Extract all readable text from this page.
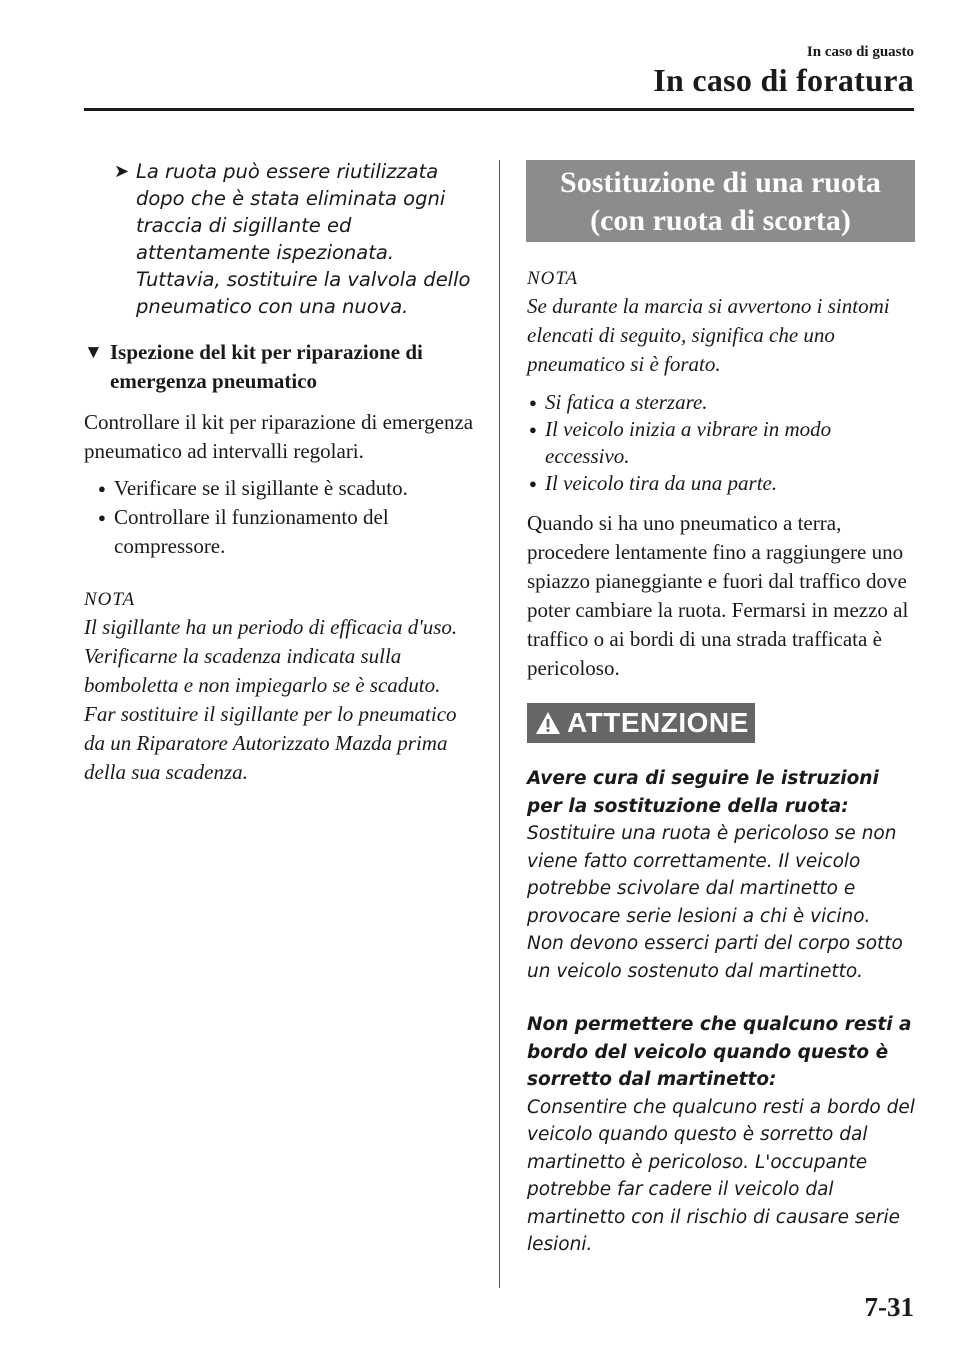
In caso di guasto
In caso di foratura
➤ La ruota può essere riutilizzata dopo che è stata eliminata ogni traccia di sigillante ed attentamente ispezionata. Tuttavia, sostituire la valvola dello pneumatico con una nuova.
▼ Ispezione del kit per riparazione di emergenza pneumatico
Controllare il kit per riparazione di emergenza pneumatico ad intervalli regolari.
● Verificare se il sigillante è scaduto.
● Controllare il funzionamento del compressore.
NOTA
Il sigillante ha un periodo di efficacia d'uso. Verificarne la scadenza indicata sulla bomboletta e non impiegarlo se è scaduto. Far sostituire il sigillante per lo pneumatico da un Riparatore Autorizzato Mazda prima della sua scadenza.
Sostituzione di una ruota
(con ruota di scorta)
NOTA
Se durante la marcia si avvertono i sintomi elencati di seguito, significa che uno pneumatico si è forato.
● Si fatica a sterzare.
● Il veicolo inizia a vibrare in modo eccessivo.
● Il veicolo tira da una parte.
Quando si ha uno pneumatico a terra, procedere lentamente fino a raggiungere uno spiazzo pianeggiante e fuori dal traffico dove poter cambiare la ruota. Fermarsi in mezzo al traffico o ai bordi di una strada trafficata è pericoloso.
ATTENZIONE
Avere cura di seguire le istruzioni per la sostituzione della ruota:
Sostituire una ruota è pericoloso se non viene fatto correttamente. Il veicolo potrebbe scivolare dal martinetto e provocare serie lesioni a chi è vicino.
Non devono esserci parti del corpo sotto un veicolo sostenuto dal martinetto.
Non permettere che qualcuno resti a bordo del veicolo quando questo è sorretto dal martinetto:
Consentire che qualcuno resti a bordo del veicolo quando questo è sorretto dal martinetto è pericoloso. L'occupante potrebbe far cadere il veicolo dal martinetto con il rischio di causare serie lesioni.
7-31
